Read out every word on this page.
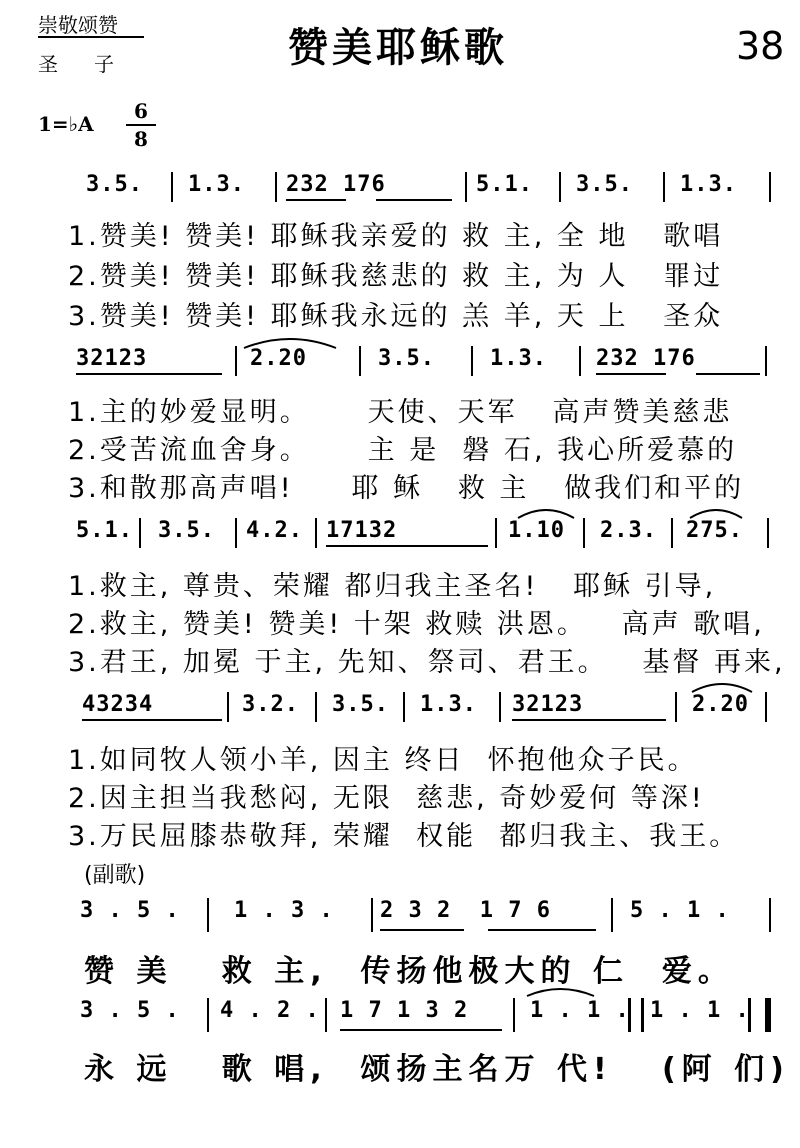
崇敬颂赞
圣子	赞美耶稣歌	38
1=♭A $\frac{6}{8}$

3.5.

1.3.

232 176

	5.1.

3.5.

1.3.

1.赞美! 赞美! 耶稣我亲爱的 救 主, 全 地   歌唱
2.赞美! 赞美! 耶稣我慈悲的 救 主, 为 人   罪过
3.赞美! 赞美! 耶稣我永远的 羔 羊, 天 上   圣众

32123

	2.20

	3.5.

	1.3.

232 176

1.主的妙爱显明。     天使、天军   高声赞美慈悲
2.受苦流血舍身。     主 是  磐 石, 我心所爱慕的
3.和散那高声唱!     耶 稣   救 主   做我们和平的

5.1.

3.5.

4.2.

17132

	1.10

2.3.

275.

1.救主, 尊贵、荣耀 都归我主圣名!   耶稣 引导,
2.救主, 赞美! 赞美! 十架 救赎 洪恩。   高声 歌唱,
3.君王, 加冕 于主, 先知、祭司、君王。   基督 再来,

43234

	3.2.

3.5.

1.3.

32123

	2.20

1.如同牧人领小羊, 因主 终日  怀抱他众子民。
2.因主担当我愁闷, 无限  慈悲, 奇妙爱何 等深!
3.万民屈膝恭敬拜, 荣耀  权能  都归我主、我王。
(副歌)

3 . 5 .

1 . 3 .

2 3 2  1 7 6

	5 . 1 .

赞 美   救 主,  传扬他极大的 仁  爱。

3 . 5 .

4 . 2 .

1 7 1 3 2

	1 . 1 .

1 . 1 .

永 远   歌 唱,  颂扬主名万 代!   (阿 们)
